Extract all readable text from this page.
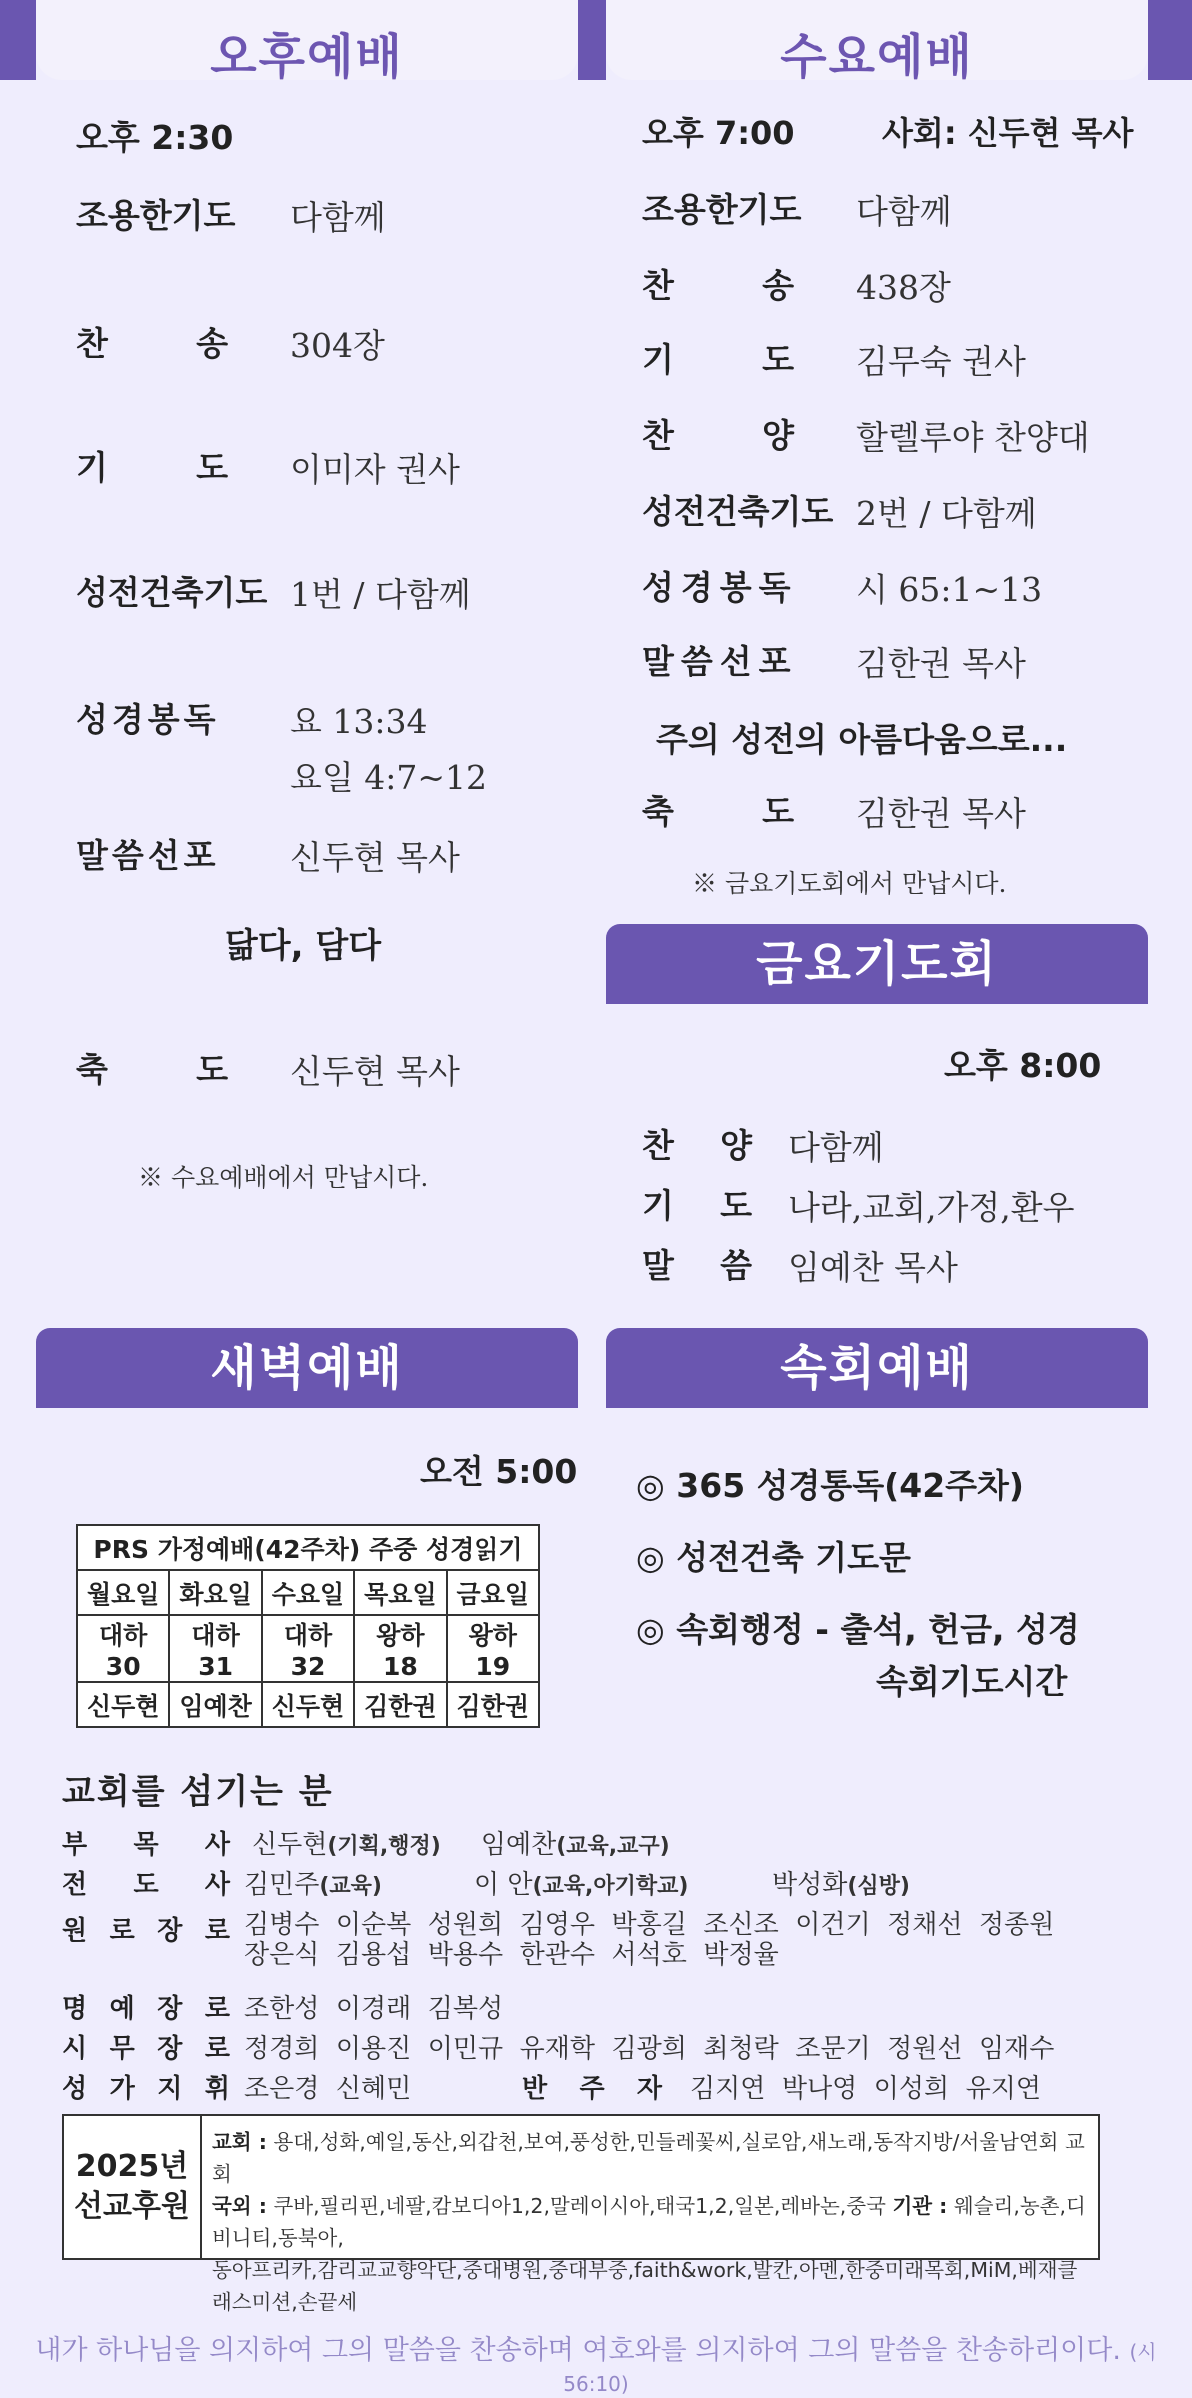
오후예배	수요예배
오후 2:30
조용한기도 다함께
찬	송 304장
기	도 이미자 권사
성전건축기도 1번 / 다함께
성경봉독 요 13:34
요일 4:7~12
말씀선포 신두현 목사
닮다, 담다
축	도 신두현 목사
※ 수요예배에서 만납시다.
오후 7:00	사회: 신두현 목사
조용한기도 다함께
찬	송 438장
기	도 김무숙 권사
찬	양 할렐루야 찬양대
성전건축기도 2번 / 다함께
성경봉독 시 65:1~13
말씀선포 김한권 목사
주의 성전의 아름다움으로...
축	도 김한권 목사
※ 금요기도회에서 만납시다.
금요기도회
오후 8:00
찬 양 다함께
기 도 나라,교회,가정,환우
말 씀 임예찬 목사
새벽예배
오전 5:00
PRS 가정예배(42주차) 주중 성경읽기				
월요일	화요일	수요일	목요일	금요일
대하30	대하31	대하32	왕하18	왕하19
신두현	임예찬	신두현	김한권	김한권
속회예배
◎ 365 성경통독(42주차)
◎ 성전건축 기도문
◎ 속회행정 - 출석, 헌금, 성경
속회기도시간
교회를 섬기는 분
부 목 사 신두현(기획,행정) 임예찬(교육,교구)
전 도 사 김민주(교육)	이 안(교육,아기학교)	박성화(심방)
원 로 장 로 김병수  이순복  성원희  김영우  박홍길  조신조  이건기  정채선  정종원
장은식  김용섭  박용수  한관수  서석호  박정율
명 예 장 로 조한성  이경래  김복성
시 무 장 로 정경희  이용진  이민규  유재학  김광희  최청락  조문기  정원선  임재수
성 가 지 휘 조은경  신혜민	반 주 자 김지연  박나영  이성희  유지연
2025년
선교후원
교회 : 용대,성화,예일,동산,외갑천,보여,풍성한,민들레꽃씨,실로암,새노래,동작지방/서울남연회 교회
국외 : 쿠바,필리핀,네팔,캄보디아1,2,말레이시아,태국1,2,일본,레바논,중국 기관 : 웨슬리,농촌,디비니티,동북아,
동아프리카,감리교교향악단,중대병원,중대부중,faith&work,발칸,아멘,한중미래목회,MiM,베재클래스미션,손끝세
내가 하나님을 의지하여 그의 말씀을 찬송하며 여호와를 의지하여 그의 말씀을 찬송하리이다. (시 56:10)
